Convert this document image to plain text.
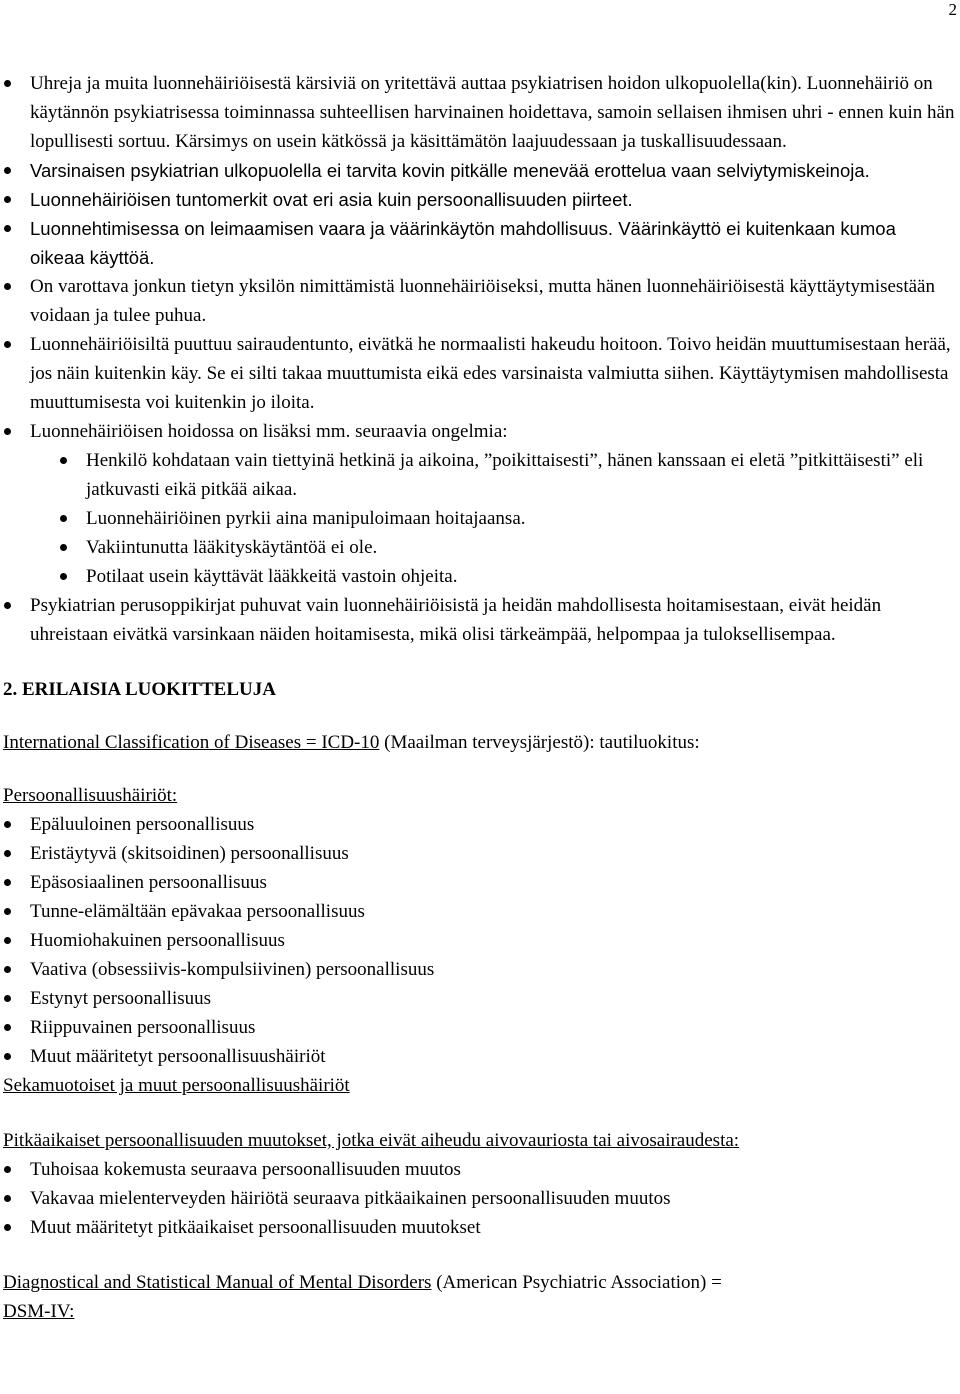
2
Uhreja ja muita luonnehäiriöisestä kärsiviä on yritettävä auttaa psykiatrisen hoidon ulkopuolella(kin). Luonnehäiriö on käytännön psykiatrisessa toiminnassa suhteellisen harvinainen hoidettava, samoin sellaisen ihmisen uhri - ennen kuin hän lopullisesti sortuu. Kärsimys on usein kätkössä ja käsittämätön laajuudessaan ja tuskallisuudessaan.
Varsinaisen psykiatrian ulkopuolella ei tarvita kovin pitkälle menevää erottelua vaan selviytymiskeinoja.
Luonnehäiriöisen tuntomerkit ovat eri asia kuin persoonallisuuden piirteet.
Luonnehtimisessa on leimaamisen vaara ja väärinkäytön mahdollisuus. Väärinkäyttö ei kuitenkaan kumoa oikeaa käyttöä.
On varottava jonkun tietyn yksilön nimittämistä luonnehäiriöiseksi, mutta hänen luonnehäiriöisestä käyttäytymisestään voidaan ja tulee puhua.
Luonnehäiriöisiltä puuttuu sairaudentunto, eivätkä he normaalisti hakeudu hoitoon. Toivo heidän muuttumisestaan herää, jos näin kuitenkin käy. Se ei silti takaa muuttumista eikä edes varsinaista valmiutta siihen. Käyttäytymisen mahdollisesta muuttumisesta voi kuitenkin jo iloita.
Luonnehäiriöisen hoidossa on lisäksi mm. seuraavia ongelmia:
Henkilö kohdataan vain tiettyinä hetkinä ja aikoina, ”poikittaisesti”, hänen kanssaan ei eletä ”pitkittäisesti” eli jatkuvasti eikä pitkää aikaa.
Luonnehäiriöinen pyrkii aina manipuloimaan hoitajaansa.
Vakiintunutta lääkityskäytäntöä ei ole.
Potilaat usein käyttävät lääkkeitä vastoin ohjeita.
Psykiatrian perusoppikirjat puhuvat vain luonnehäiriöisistä ja heidän mahdollisesta hoitamisestaan, eivät heidän uhreistaan eivätkä varsinkaan näiden hoitamisesta, mikä olisi tärkeämpää, helpompaa ja tuloksellisempaa.
2. ERILAISIA LUOKITTELUJA
International Classification of Diseases = ICD-10 (Maailman terveysjärjestö): tautiluokitus:
Persoonallisuushäiriöt:
Epäluuloinen persoonallisuus
Eristäytyvä (skitsoidinen) persoonallisuus
Epäsosiaalinen persoonallisuus
Tunne-elämältään epävakaa persoonallisuus
Huomiohakuinen persoonallisuus
Vaativa (obsessiivis-kompulsiivinen) persoonallisuus
Estynyt persoonallisuus
Riippuvainen persoonallisuus
Muut määritetyt persoonallisuushäiriöt
Sekamuotoiset ja muut persoonallisuushäiriöt
Pitkäaikaiset persoonallisuuden muutokset, jotka eivät aiheudu aivovauriosta tai aivosairaudesta:
Tuhoisaa kokemusta seuraava persoonallisuuden muutos
Vakavaa mielenterveyden häiriötä seuraava pitkäaikainen persoonallisuuden muutos
Muut määritetyt pitkäaikaiset persoonallisuuden muutokset
Diagnostical and Statistical Manual of Mental Disorders (American Psychiatric Association) =
DSM-IV:
